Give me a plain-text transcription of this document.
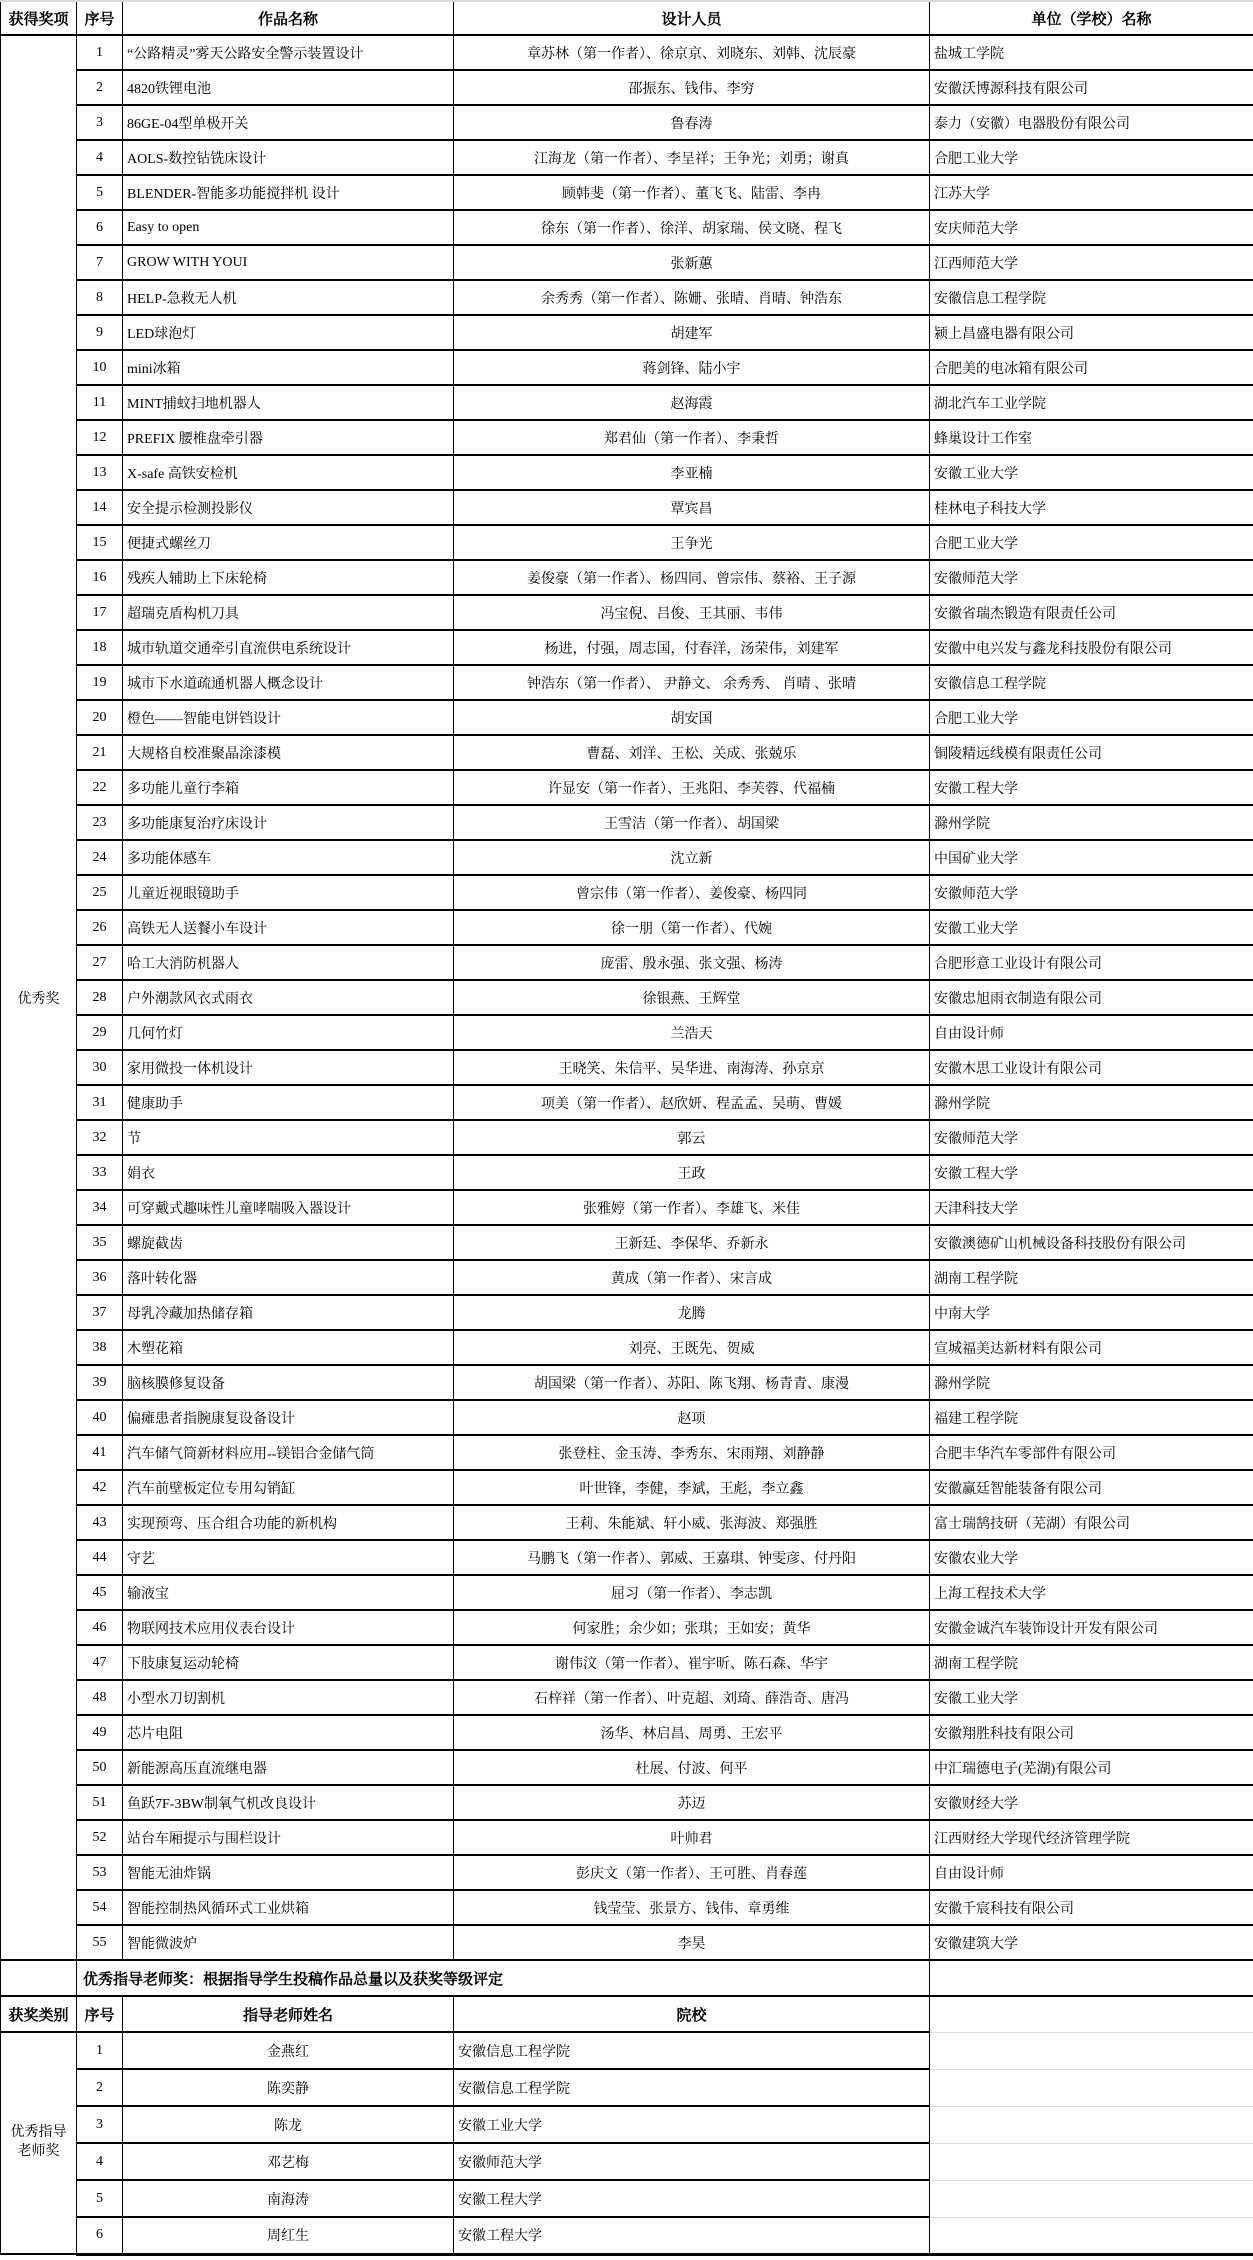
获得奖项	序号	作品名称	设计人员	单位（学校）名称
优秀奖	1	“公路精灵”雾天公路安全警示装置设计	章苏林（第一作者）、徐京京、刘晓东、刘韩、沈辰豪	盐城工学院
	2	4820铁锂电池	邵振东、钱伟、李穷	安徽沃博源科技有限公司
	3	86GE-04型单极开关	鲁春涛	泰力（安徽）电器股份有限公司
	4	AOLS-数控钻铣床设计	江海龙（第一作者）、李呈祥；王争光；刘勇；谢真	合肥工业大学
	5	BLENDER-智能多功能搅拌机 设计	顾韩斐（第一作者）、董飞飞、陆雷、李冉	江苏大学
	6	Easy to open	徐东（第一作者）、徐洋、胡家瑞、侯文晓、程飞	安庆师范大学
	7	GROW WITH YOUI	张新蕙	江西师范大学
	8	HELP-急救无人机	余秀秀（第一作者）、陈姗、张晴、肖晴、钟浩东	安徽信息工程学院
	9	LED球泡灯	胡建军	颍上昌盛电器有限公司
	10	mini冰箱	蒋剑锋、陆小宇	合肥美的电冰箱有限公司
	11	MINT捕蚊扫地机器人	赵海霞	湖北汽车工业学院
	12	PREFIX 腰椎盘牵引器	郑君仙（第一作者）、李秉哲	蜂巢设计工作室
	13	X-safe 高铁安检机	李亚楠	安徽工业大学
	14	安全提示检测投影仪	覃宾昌	桂林电子科技大学
	15	便捷式螺丝刀	王争光	合肥工业大学
	16	残疾人辅助上下床轮椅	姜俊豪（第一作者）、杨四同、曾宗伟、蔡裕、王子源	安徽师范大学
	17	超瑞克盾构机刀具	冯宝倪、吕俊、王其丽、韦伟	安徽省瑞杰锻造有限责任公司
	18	城市轨道交通牵引直流供电系统设计	杨进，付强，周志国，付春洋，汤荣伟，刘建军	安徽中电兴发与鑫龙科技股份有限公司
	19	城市下水道疏通机器人概念设计	钟浩东（第一作者）、 尹静文、 余秀秀、 肖晴 、张晴	安徽信息工程学院
	20	橙色——智能电饼铛设计	胡安国	合肥工业大学
	21	大规格自校准聚晶涂漆模	曹磊、刘洋、王松、关成、张兢乐	铜陵精远线模有限责任公司
	22	多功能儿童行李箱	许显安（第一作者）、王兆阳、李芙蓉、代福楠	安徽工程大学
	23	多功能康复治疗床设计	王雪洁（第一作者）、胡国梁	滁州学院
	24	多功能体感车	沈立新	中国矿业大学
	25	儿童近视眼镜助手	曾宗伟（第一作者）、姜俊豪、杨四同	安徽师范大学
	26	高铁无人送餐小车设计	徐一朋（第一作者）、代婉	安徽工业大学
	27	哈工大消防机器人	庞雷、殷永强、张文强、杨涛	合肥形意工业设计有限公司
	28	户外潮款风衣式雨衣	徐银燕、王辉堂	安徽忠旭雨衣制造有限公司
	29	几何竹灯	兰浩天	自由设计师
	30	家用微投一体机设计	王晓笑、朱信平、吴华进、南海涛、孙京京	安徽木思工业设计有限公司
	31	健康助手	项美（第一作者）、赵欣妍、程孟孟、吴萌、曹媛	滁州学院
	32	节	郭云	安徽师范大学
	33	娟衣	王政	安徽工程大学
	34	可穿戴式趣味性儿童哮喘吸入器设计	张雅婷（第一作者）、李雄飞、米佳	天津科技大学
	35	螺旋截齿	王新廷、李保华、乔新永	安徽澳德矿山机械设备科技股份有限公司
	36	落叶转化器	黄成（第一作者）、宋言成	湖南工程学院
	37	母乳冷藏加热储存箱	龙腾	中南大学
	38	木塑花箱	刘亮、王既先、贺威	宣城福美达新材料有限公司
	39	脑核膜修复设备	胡国梁（第一作者）、苏阳、陈飞翔、杨青青、康漫	滁州学院
	40	偏瘫患者指腕康复设备设计	赵项	福建工程学院
	41	汽车储气筒新材料应用--镁铝合金储气筒	张登柱、金玉涛、李秀东、宋雨翔、刘静静	合肥丰华汽车零部件有限公司
	42	汽车前壁板定位专用勾销缸	叶世锋，李健，李斌，王彪，李立鑫	安徽赢廷智能装备有限公司
	43	实现预弯、压合组合功能的新机构	王莉、朱能斌、轩小威、张海波、郑强胜	富士瑞鹄技研（芜湖）有限公司
	44	守艺	马鹏飞（第一作者）、郭威、王嘉琪、钟雯彦、付丹阳	安徽农业大学
	45	输液宝	屈习（第一作者）、李志凯	上海工程技术大学
	46	物联网技术应用仪表台设计	何家胜；余少如；张琪；王如安；黄华	安徽金诚汽车装饰设计开发有限公司
	47	下肢康复运动轮椅	谢伟汶（第一作者）、崔宇昕、陈石森、华宇	湖南工程学院
	48	小型水刀切割机	石梓祥（第一作者）、叶克超、刘琦、薛浩奇、唐冯	安徽工业大学
	49	芯片电阻	汤华、林启昌、周勇、王宏平	安徽翔胜科技有限公司
	50	新能源高压直流继电器	杜展、付波、何平	中汇瑞德电子(芜湖)有限公司
	51	鱼跃7F-3BW制氧气机改良设计	苏迈	安徽财经大学
	52	站台车厢提示与围栏设计	叶帅君	江西财经大学现代经济管理学院
	53	智能无油炸锅	彭庆文（第一作者）、王可胜、肖春莲	自由设计师
	54	智能控制热风循环式工业烘箱	钱莹莹、张景方、钱伟、章勇维	安徽千宸科技有限公司
	55	智能微波炉	李昊	安徽建筑大学
	优秀指导老师奖：根据指导学生投稿作品总量以及获奖等级评定			
获奖类别	序号	指导老师姓名	院校	

优秀指导
老师奖	1	金燕红	安徽信息工程学院	
	2	陈奕静	安徽信息工程学院	
	3	陈龙	安徽工业大学	
	4	邓艺梅	安徽师范大学	
	5	南海涛	安徽工程大学	
	6	周红生	安徽工程大学	
